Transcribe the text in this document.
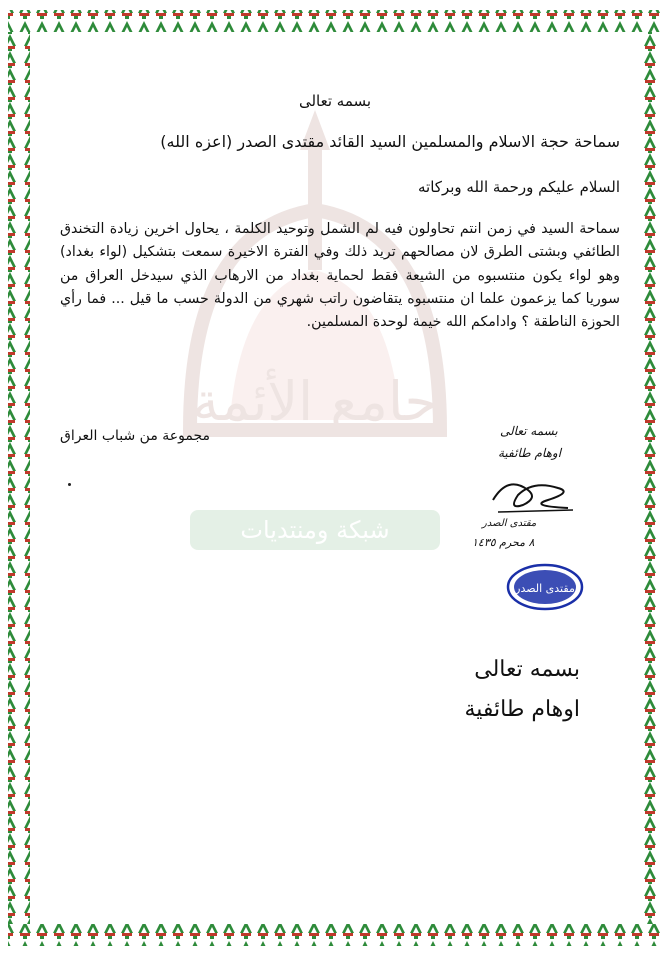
جامع الأئمة
شبكة ومنتديات
بسمه تعالى
سماحة حجة الاسلام والمسلمين السيد القائد مقتدى الصدر (اعزه الله)
السلام عليكم ورحمة الله وبركاته
سماحة السيد في زمن انتم تحاولون فيه لم الشمل وتوحيد الكلمة ، يحاول اخرين زيادة التخندق الطائفي وبشتى الطرق لان مصالحهم تريد ذلك وفي الفترة الاخيرة سمعت بتشكيل (لواء بغداد) وهو لواء يكون منتسبوه من الشيعة فقط لحماية بغداد من الارهاب الذي سيدخل العراق من سوريا كما يزعمون علما ان منتسبوه يتقاضون راتب شهري من الدولة حسب ما قيل ... فما رأي الحوزة الناطقة ؟ وادامكم الله خيمة لوحدة المسلمين.
مجموعة من شباب العراق	بسمه تعالى
اوهام طائفية
مقتدى الصدر
٨ محرم ١٤٣٥
مقتدى الصدر
بسمه تعالى
اوهام طائفية
